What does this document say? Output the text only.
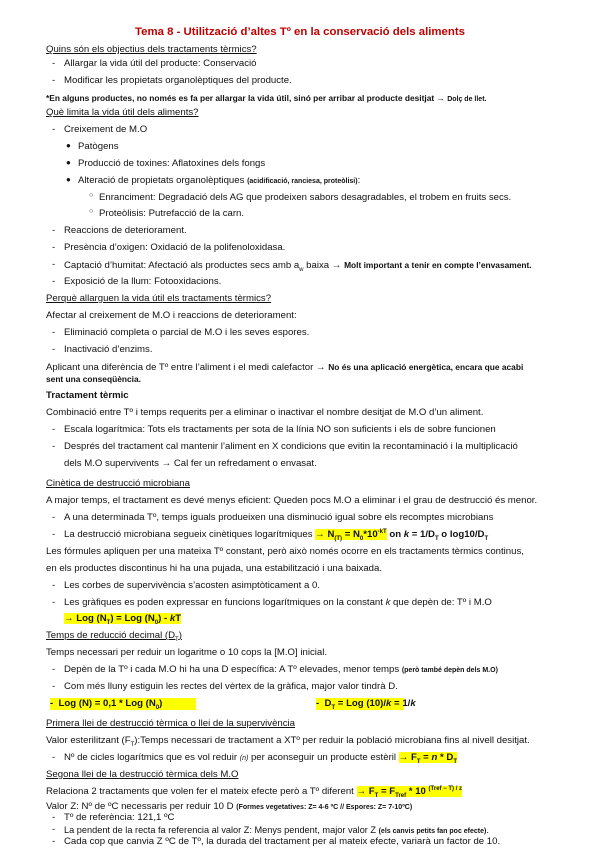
Tema 8 - Utilització d’altes Tº en la conservació dels aliments
Quins són els objectius dels tractaments tèrmics?
- Allargar la vida útil del producte: Conservació
- Modificar les propietats organolèptiques del producte.
*En alguns productes, no només es fa per allargar la vida útil, sinó per arribar al producte desitjat → Dolç de llet.
Què limita la vida útil dels aliments?
- Creixement de M.O
● Patògens
● Producció de toxines: Aflatoxines dels fongs
● Alteració de propietats organolèptiques (acidificació, ranciesa, proteòlisi):
○ Enranciment: Degradació dels AG que prodeixen sabors desagradables, el trobem en fruits secs.
○ Proteòlisis: Putrefacció de la carn.
- Reaccions de deteriorament.
- Presència d’oxigen: Oxidació de la polifenoloxidasa.
- Captació d’humitat: Afectació als productes secs amb $a_w$ baixa → Molt important a tenir en compte l’envasament.
- Exposició de la llum: Fotooxidacions.
Perquè allarguen la vida útil els tractaments tèrmics?
Afectar al creixement de M.O i reaccions de deteriorament:
- Eliminació completa o parcial de M.O i les seves espores.
- Inactivació d’enzims.
Aplicant una diferència de Tº entre l’aliment i el medi calefactor → No és una aplicació energètica, encara que acabi
sent una conseqüència.
Tractament tèrmic
Combinació entre Tº i temps requerits per a eliminar o inactivar el nombre desitjat de M.O d’un aliment.
- Escala logarítmica: Tots els tractaments per sota de la línia NO son suficients i els de sobre funcionen
- Després del tractament cal mantenir l’aliment en X condicions que evitin la recontaminació i la multiplicació
dels M.O supervivents → Cal fer un refredament o envasat.
Cinètica de destrucció microbiana
A major temps, el tractament es devé menys eficient: Queden pocs M.O a eliminar i el grau de destrucció és menor.
- A una determinada Tº, temps iguals produeixen una disminució igual sobre els recomptes microbians
- La destrucció microbiana segueix cinètiques logarítmiques → $N_{(T)} = N_0*10^{-kT}$ on $k = 1/D_T$ o $\log 10/D_T$
Les fórmules apliquen per una mateixa Tº constant, però això només ocorre en els tractaments tèrmics continus,
en els productes discontinus hi ha una pujada, una estabilització i una baixada.
- Les corbes de supervivència s’acosten asimptòticament a 0.
- Les gràfiques es poden expressar en funcions logarítmiques on la constant k que depèn de: Tº i M.O
→ Log $(N_T)$ = Log $(N_0)$ - kT
Temps de reducció decimal $(D_T)$
Temps necessari per reduir un logaritme o 10 cops la [M.O] inicial.
- Depèn de la Tº i cada M.O hi ha una D específica: A Tº elevades, menor temps (però també depèn dels M.O)
- Com més lluny estiguin les rectes del vèrtex de la gràfica, major valor tindrà D.
-  Log (N) = 0,1 * Log $(N_0)$	-  $D_T$ = Log (10)/k = 1/k
Primera llei de destrucció tèrmica o llei de la supervivència
Valor esterilitzant $(F_T):Temps$ necessari de tractament a XTº per reduir la població microbiana fins al nivell desitjat.
- Nº de cicles logarítmics que es vol reduir (n) per aconseguir un producte estèril → $F_T = n * D_T$
Segona llei de la destrucció tèrmica dels M.O
Relaciona 2 tractaments que volen fer el mateix efecte però a Tº diferent → $F_T = F_{Tref} * 10$ $^{(Tref - T) / z}$
Valor Z: Nº de ºC necessaris per reduir 10 D (Formes vegetatives: Z= 4-6 ºC // Espores: Z= 7-10ºC)
- Tº de referència: 121,1 ºC
- La pendent de la recta fa referencia al valor Z: Menys pendent, major valor Z (els canvis petits fan poc efecte).
- Cada cop que canvia Z ºC de Tº, la durada del tractament per al mateix efecte, variarà un factor de 10.
